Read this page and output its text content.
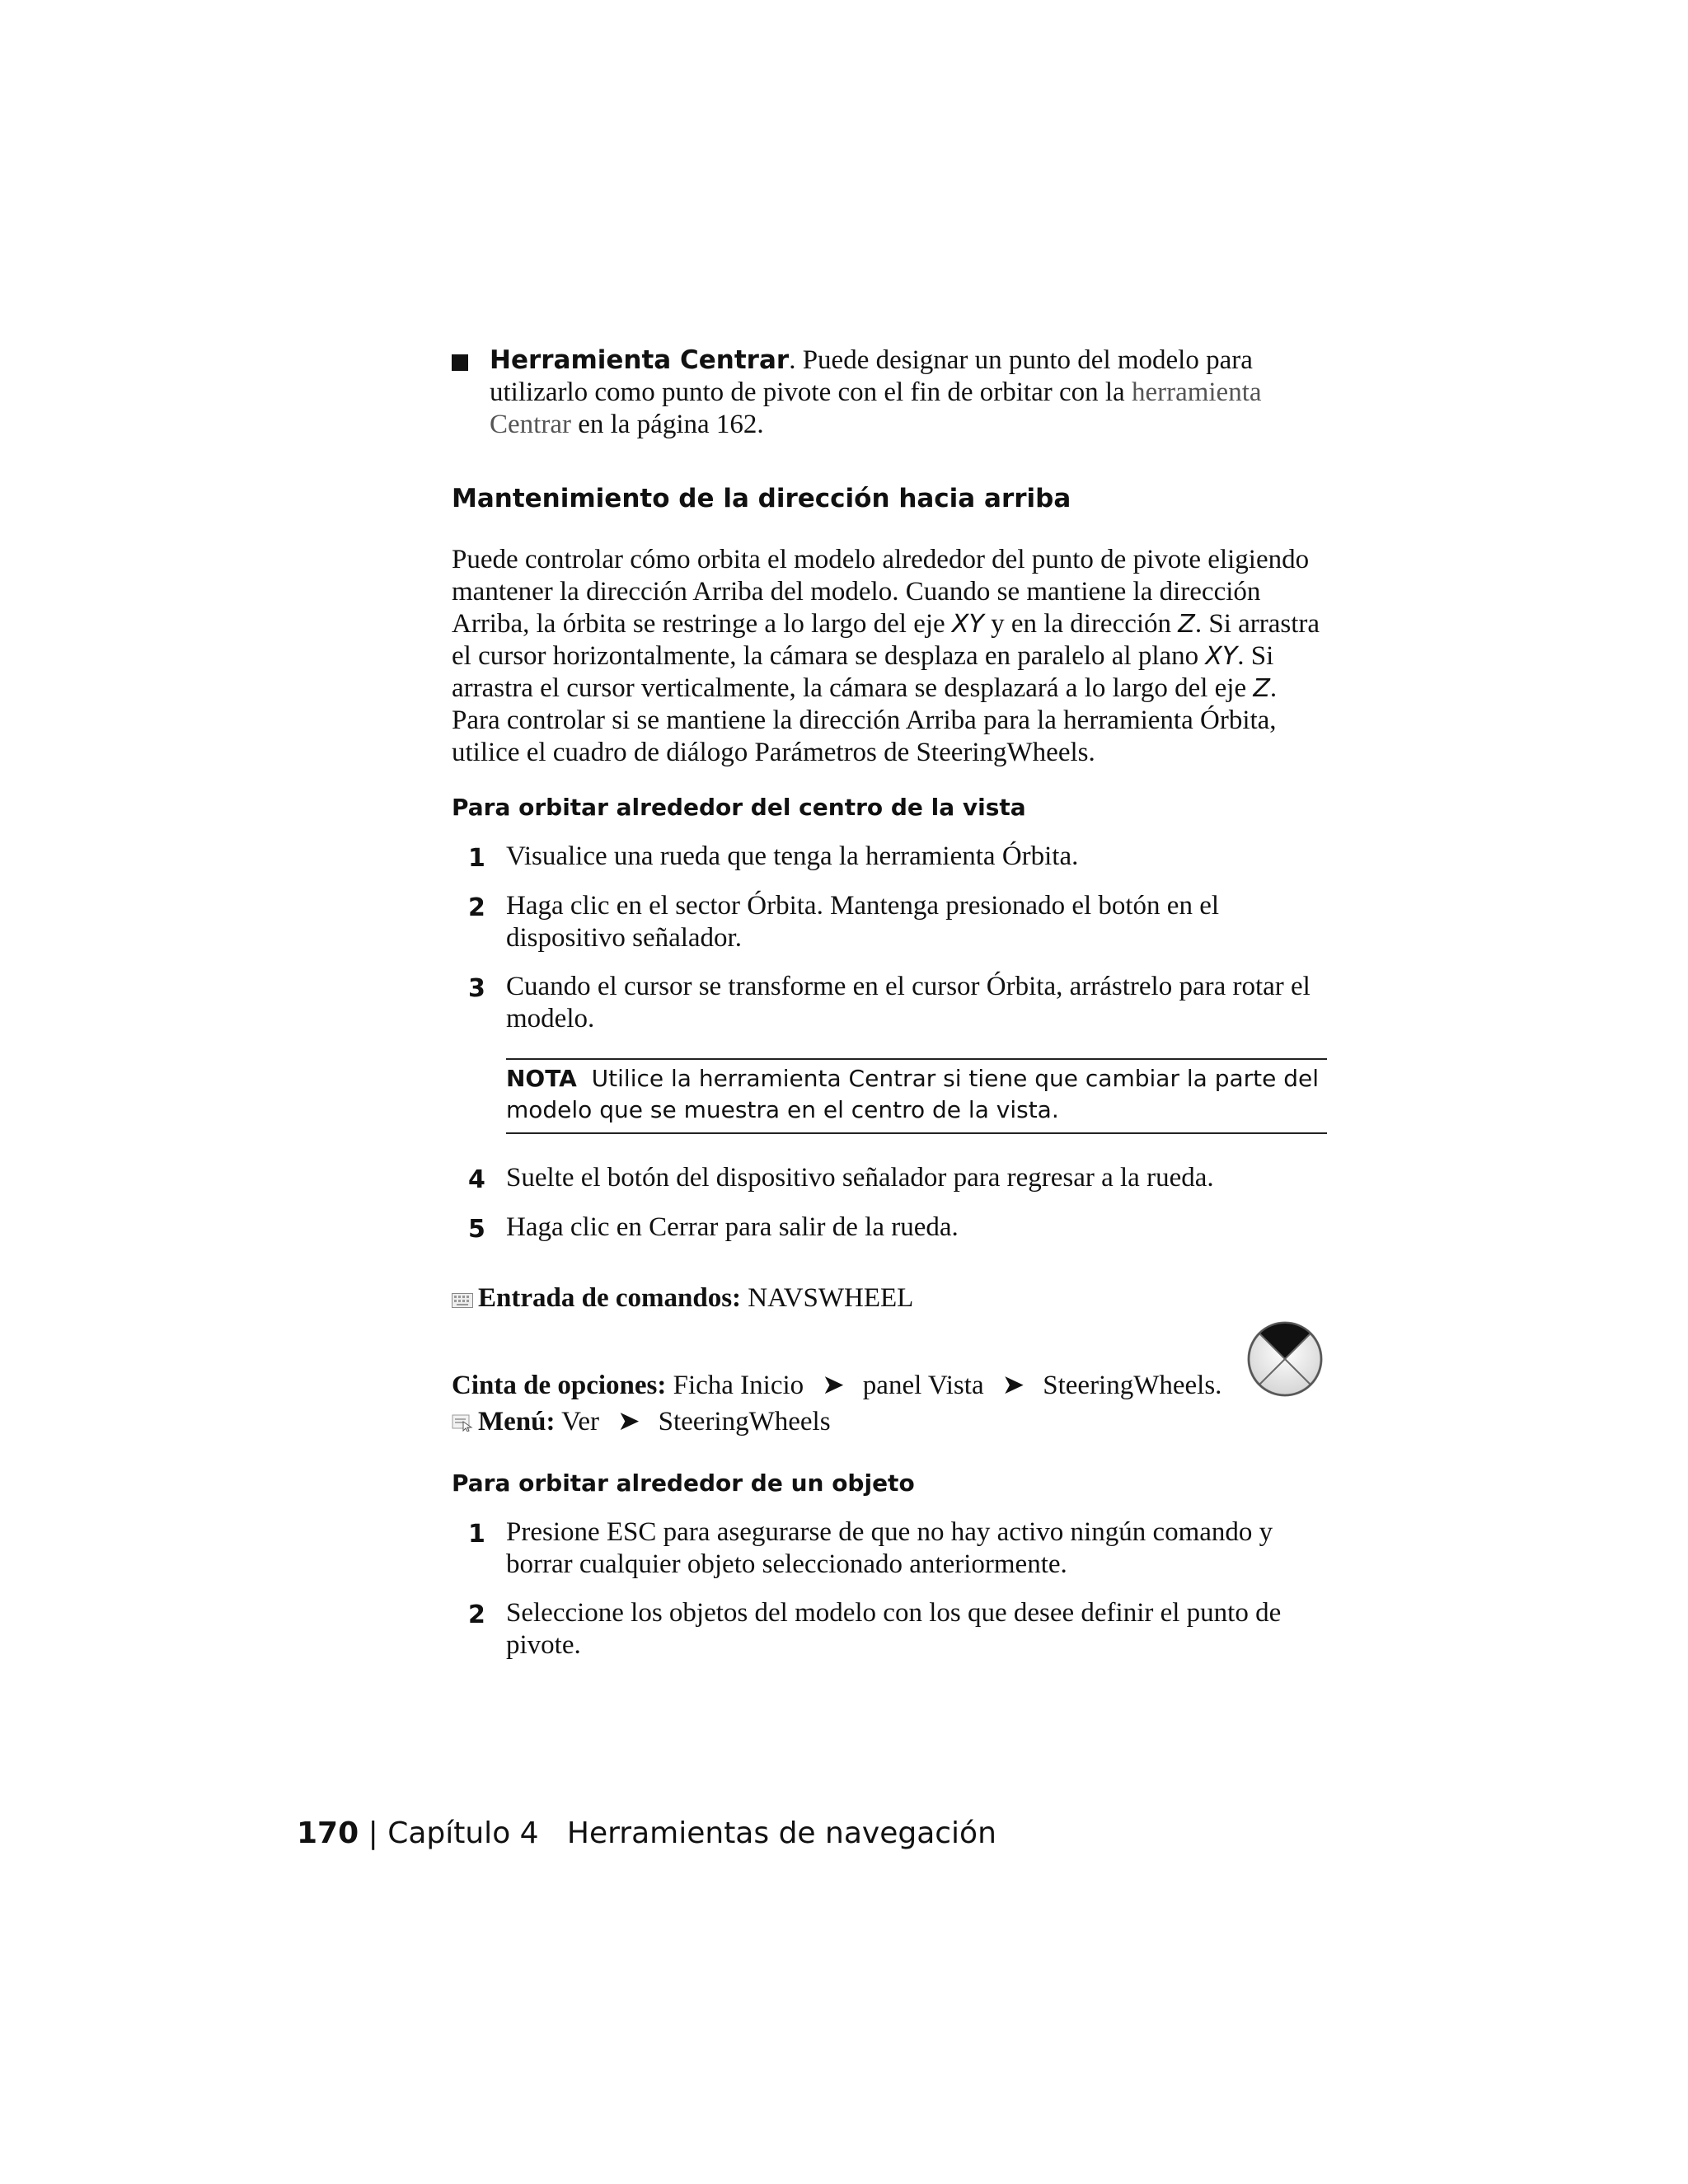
Herramienta Centrar. Puede designar un punto del modelo para utilizarlo como punto de pivote con el fin de orbitar con la herramienta Centrar en la página 162.

Mantenimiento de la dirección hacia arriba

Puede controlar cómo orbita el modelo alrededor del punto de pivote eligiendo mantener la dirección Arriba del modelo. Cuando se mantiene la dirección Arriba, la órbita se restringe a lo largo del eje XY y en la dirección Z. Si arrastra el cursor horizontalmente, la cámara se desplaza en paralelo al plano XY. Si arrastra el cursor verticalmente, la cámara se desplazará a lo largo del eje Z. Para controlar si se mantiene la dirección Arriba para la herramienta Órbita, utilice el cuadro de diálogo Parámetros de SteeringWheels.

Para orbitar alrededor del centro de la vista
1 Visualice una rueda que tenga la herramienta Órbita.

2 Haga clic en el sector Órbita. Mantenga presionado el botón en el dispositivo señalador.

3 Cuando el cursor se transforme en el cursor Órbita, arrástrelo para rotar el modelo.

NOTA Utilice la herramienta Centrar si tiene que cambiar la parte del modelo que se muestra en el centro de la vista.

4 Suelte el botón del dispositivo señalador para regresar a la rueda.

5 Haga clic en Cerrar para salir de la rueda.

Entrada de comandos: NAVSWHEEL
Cinta de opciones: Ficha Inicio ➤ panel Vista ➤ SteeringWheels.
Menú: Ver ➤ SteeringWheels
Para orbitar alrededor de un objeto
1 Presione ESC para asegurarse de que no hay activo ningún comando y borrar cualquier objeto seleccionado anteriormente.

2 Seleccione los objetos del modelo con los que desee definir el punto de pivote.

170 | Capítulo 4 Herramientas de navegación
